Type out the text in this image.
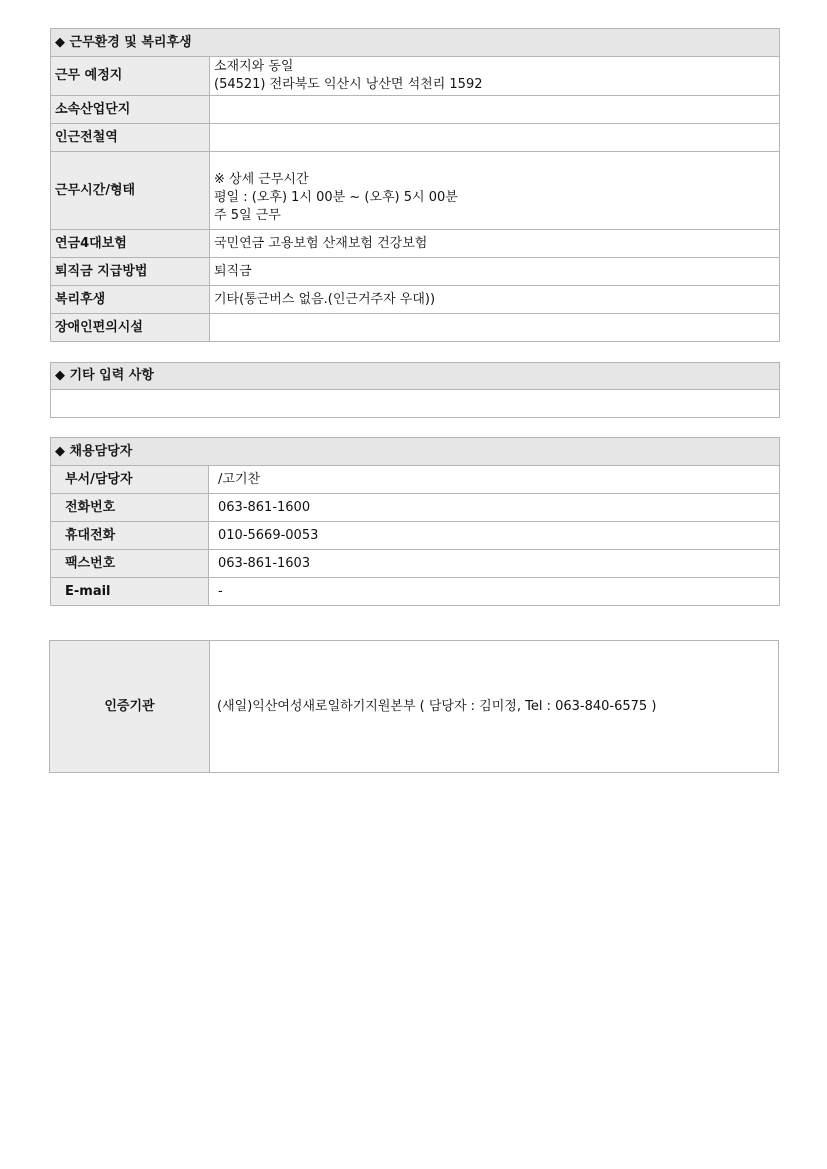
◆ 근무환경 및 복리후생	
근무 예정지	소재지와 동일
(54521) 전라북도 익산시 낭산면 석천리 1592

소속산업단지	
인근전철역	
근무시간/형태	※ 상세 근무시간
평일 : (오후) 1시 00분 ~ (오후) 5시 00분
주 5일 근무

연금4대보험	국민연금 고용보험 산재보험 건강보험
퇴직금 지급방법	퇴직금
복리후생	기타(통근버스 없음.(인근거주자 우대))
장애인편의시설	
◆ 기타 입력 사항

◆ 채용담당자	
부서/담당자	/고기찬
전화번호	063-861-1600
휴대전화	010-5669-0053
팩스번호	063-861-1603
E-mail	-
인증기관	(새일)익산여성새로일하기지원본부 ( 담당자 : 김미정, Tel : 063-840-6575 )
